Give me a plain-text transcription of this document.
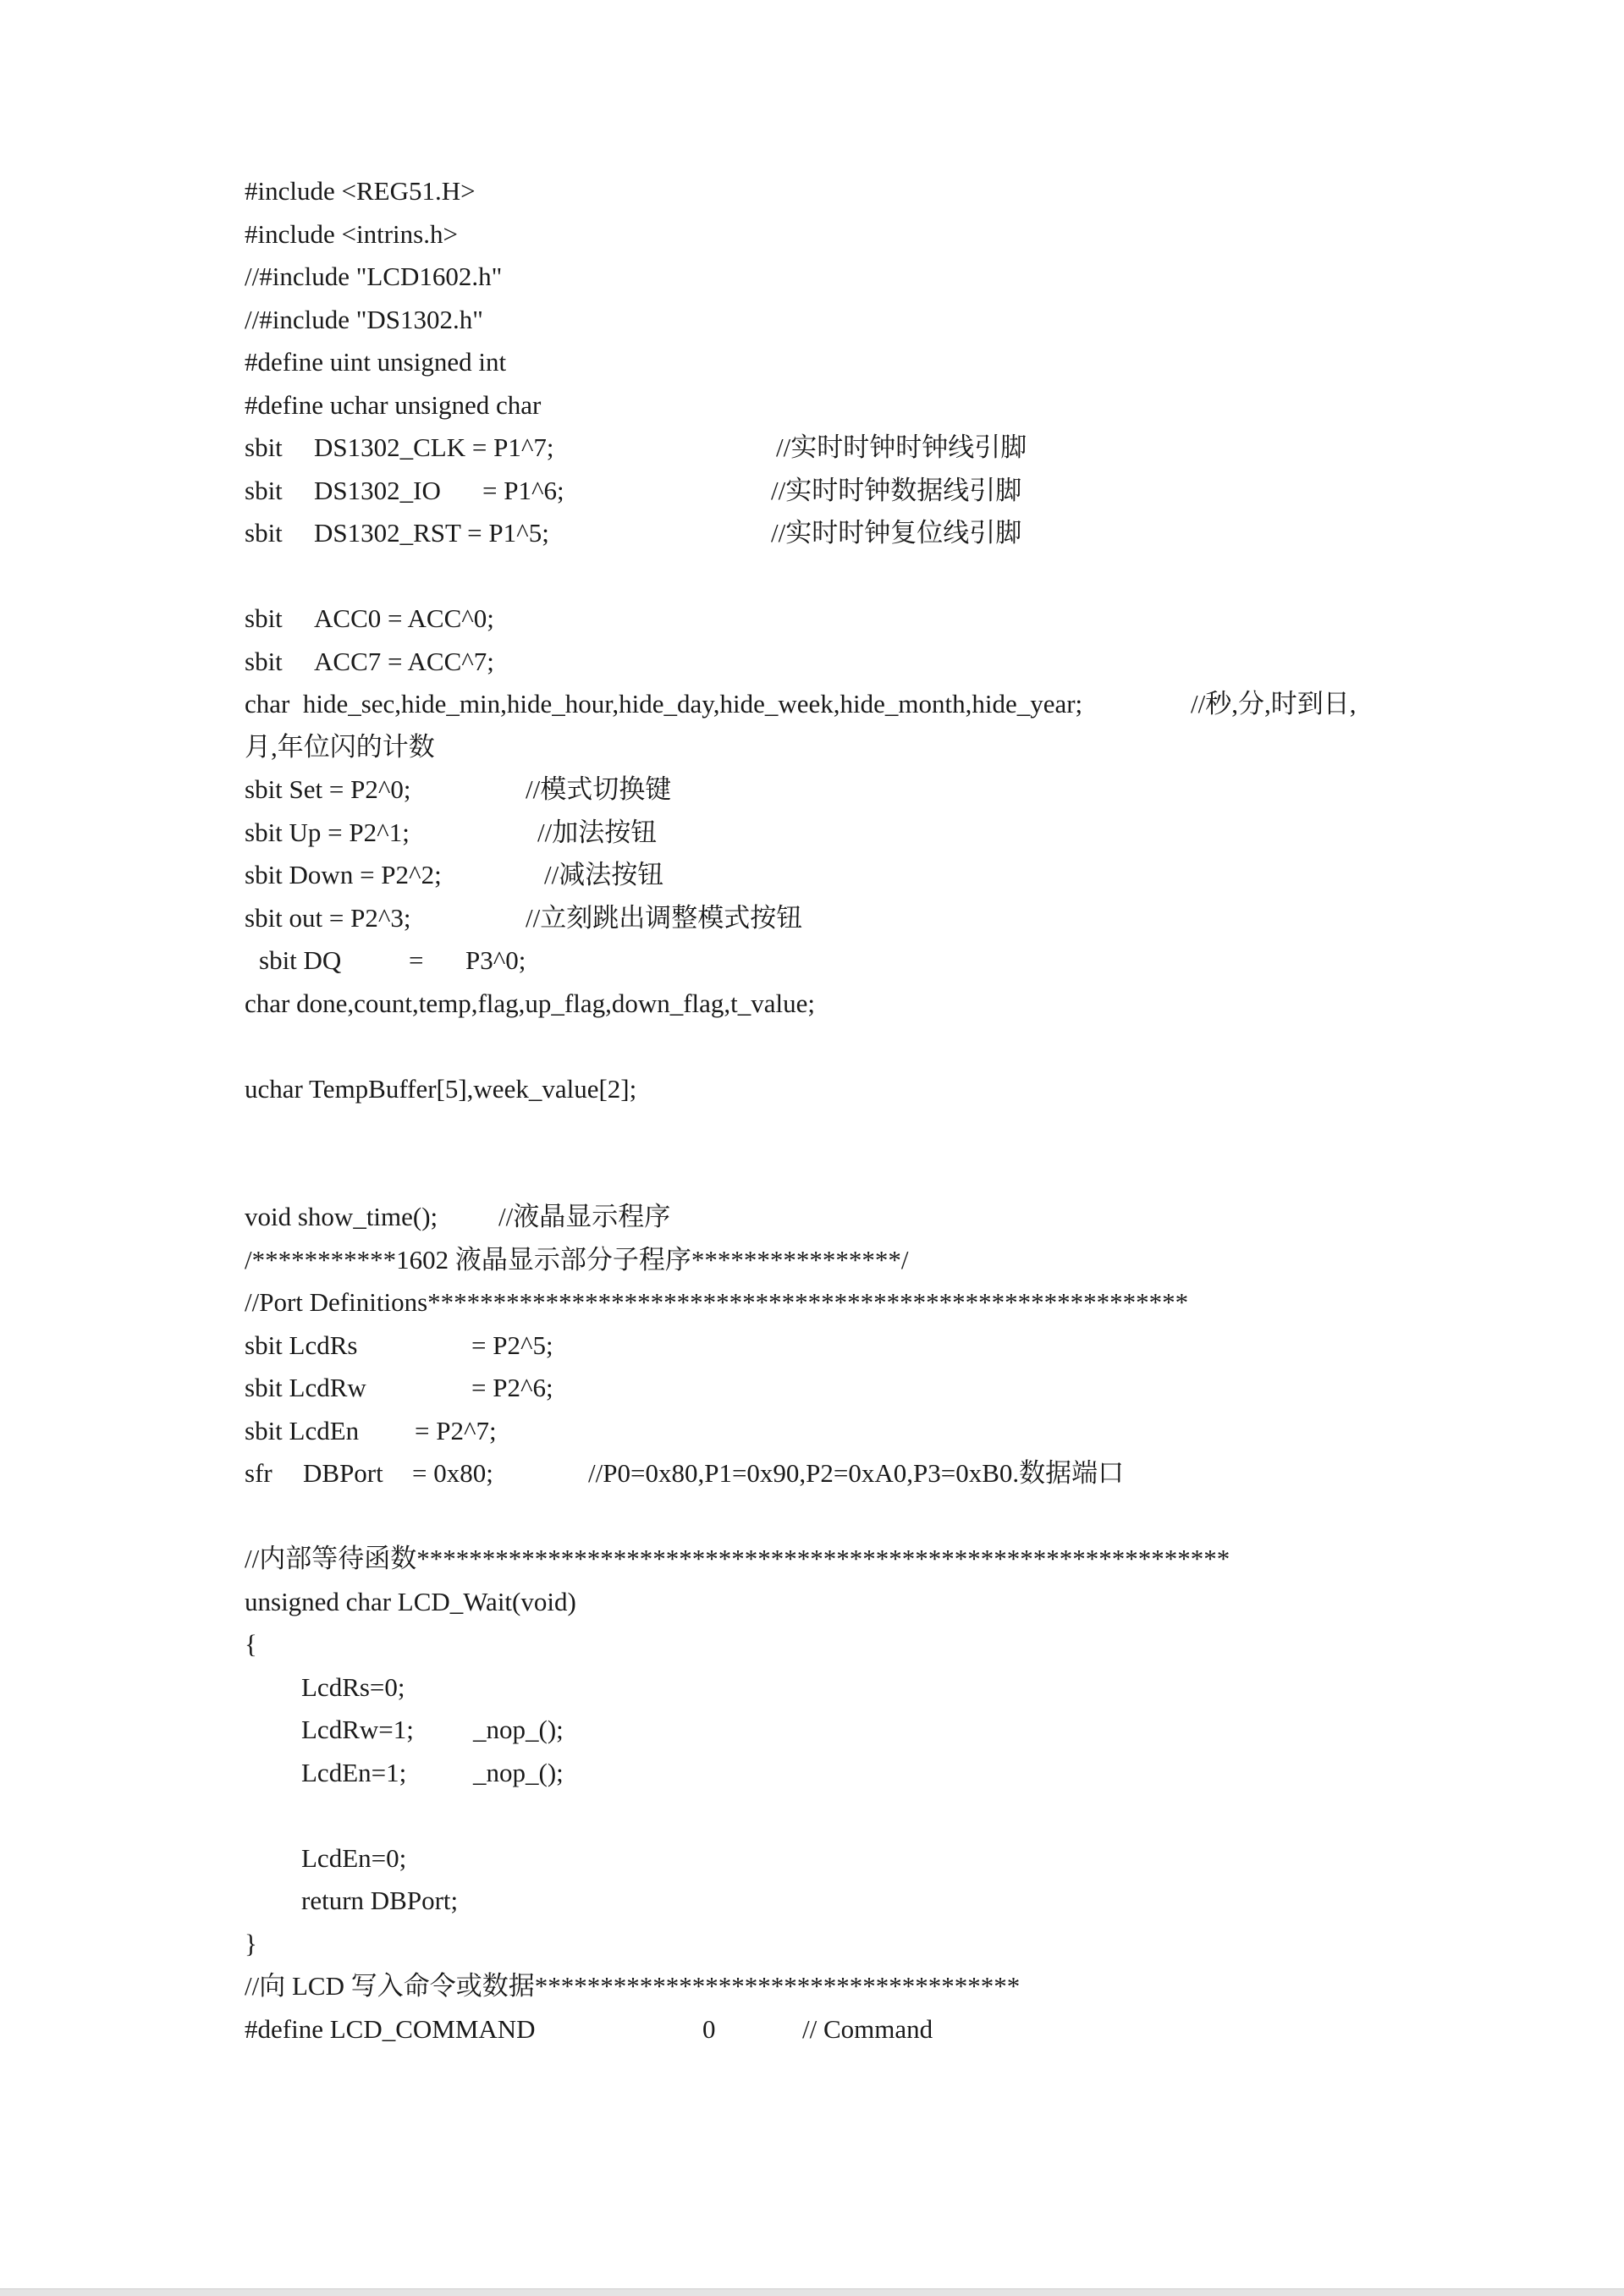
#include <REG51.H>
#include <intrins.h>
//#include "LCD1602.h"
//#include "DS1302.h"
#define uint unsigned int
#define uchar unsigned char

sbit

DS1302_CLK = P1^7;

	//实时时钟时钟线引脚

sbit

DS1302_IO

= P1^6;

	//实时时钟数据线引脚

sbit

DS1302_RST = P1^5;

	//实时时钟复位线引脚

sbit

ACC0 = ACC^0;

sbit

ACC7 = ACC^7;

char  hide_sec,hide_min,hide_hour,hide_day,hide_week,hide_month,hide_year;

	//秒,分,时到日,

月,年位闪的计数

sbit Set = P2^0;

	//模式切换键

sbit Up = P2^1;

	//加法按钮

sbit Down = P2^2;

	//减法按钮

sbit out = P2^3;

	//立刻跳出调整模式按钮

sbit DQ

	=

P3^0;

char done,count,temp,flag,up_flag,down_flag,t_value;
uchar TempBuffer[5],week_value[2];

void show_time();

//液晶显示程序

/***********1602 液晶显示部分子程序****************/
//Port Definitions**********************************************************

sbit LcdRs

	= P2^5;

sbit LcdRw

	= P2^6;

sbit LcdEn

= P2^7;

sfr

DBPort

= 0x80;

	//P0=0x80,P1=0x90,P2=0xA0,P3=0xB0.数据端口

//内部等待函数**************************************************************
unsigned char LCD_Wait(void)
{
LcdRs=0;

LcdRw=1;

_nop_();

LcdEn=1;

	_nop_();

LcdEn=0;
return DBPort;
}
//向 LCD 写入命令或数据*************************************

#define LCD_COMMAND

	0

	// Command
